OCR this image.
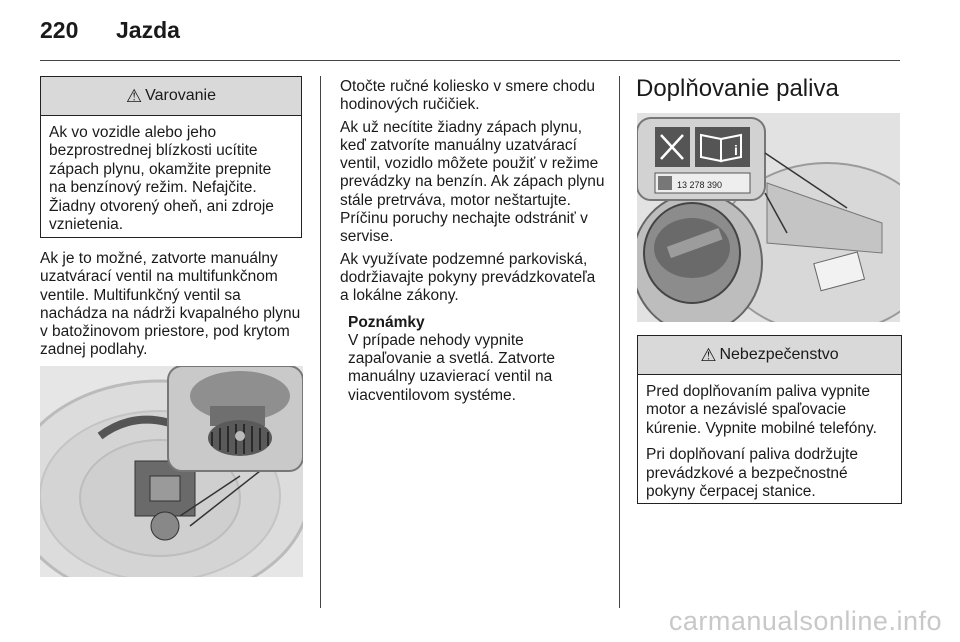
220 Jazda
⚠ Varovanie

Ak vo vozidle alebo jeho bezprostrednej blízkosti ucítite zápach plynu, okamžite prepnite na benzínový režim. Nefajčite. Žiadny otvorený oheň, ani zdroje vznietenia.

Ak je to možné, zatvorte manuálny uzatvárací ventil na multifunkčnom ventile. Multifunkčný ventil sa nachádza na nádrži kvapalného plynu v batožinovom priestore, pod krytom zadnej podlahy.

Otočte ručné koliesko v smere chodu hodinových ručičiek.

Ak už necítite žiadny zápach plynu, keď zatvoríte manuálny uzatvárací ventil, vozidlo môžete použiť v režime prevádzky na benzín. Ak zápach plynu stále pretrváva, motor neštartujte. Príčinu poruchy nechajte odstrániť v servise.

Ak využívate podzemné parkoviská, dodržiavajte pokyny prevádzkovateľa a lokálne zákony.

Poznámky
V prípade nehody vypnite zapaľovanie a svetlá. Zatvorte manuálny uzavierací ventil na viacventilovom systéme.
Doplňovanie paliva
i
13 278 390
⚠ Nebezpečenstvo

Pred doplňovaním paliva vypnite motor a nezávislé spaľovacie kúrenie. Vypnite mobilné telefóny.

Pri doplňovaní paliva dodržujte prevádzkové a bezpečnostné pokyny čerpacej stanice.

carmanualsonline.info
